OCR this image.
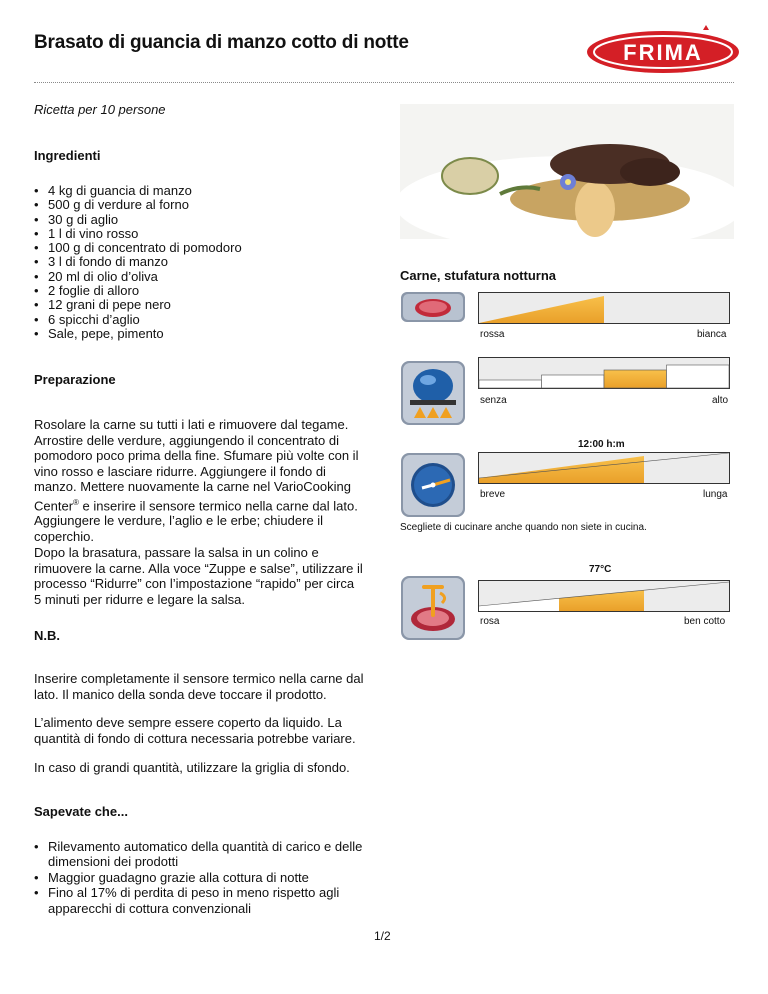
Brasato di guancia di manzo cotto di notte	FRIMA
Ricetta per 10 persone
Ingredienti
• 4 kg di guancia di manzo
• 500 g di verdure al forno
• 30 g di aglio
• 1 l di vino rosso
• 100 g di concentrato di pomodoro
• 3 l di fondo di manzo
• 20 ml di olio d’oliva
• 2 foglie di alloro
• 12 grani di pepe nero
• 6 spicchi d’aglio
• Sale, pepe, pimento
Preparazione
Rosolare la carne su tutti i lati e rimuovere dal tegame. Arrostire delle verdure, aggiungendo il concentrato di pomodoro poco prima della fine. Sfumare più volte con il vino rosso e lasciare ridurre. Aggiungere il fondo di manzo. Mettere nuovamente la carne nel VarioCooking Center® e inserire il sensore termico nella carne dal lato. Aggiungere le verdure, l’aglio e le erbe; chiudere il coperchio.
Dopo la brasatura, passare la salsa in un colino e rimuovere la carne. Alla voce “Zuppe e salse”, utilizzare il processo “Ridurre” con l’impostazione “rapido” per circa 5 minuti per ridurre e legare la salsa.
N.B.
Inserire completamente il sensore termico nella carne dal lato. Il manico della sonda deve toccare il prodotto.
L’alimento deve sempre essere coperto da liquido. La quantità di fondo di cottura necessaria potrebbe variare.
In caso di grandi quantità, utilizzare la griglia di sfondo.
Sapevate che...
• Rilevamento automatico della quantità di carico e delle dimensioni dei prodotti
• Maggior guadagno grazie alla cottura di notte
• Fino al 17% di perdita di peso in meno rispetto agli apparecchi di cottura convenzionali
Carne, stufatura notturna
rossa	bianca
senza	alto
12:00 h:m
breve	lunga
Scegliete di cucinare anche quando non siete in cucina.
77°C
rosa	ben cotto
1/2
